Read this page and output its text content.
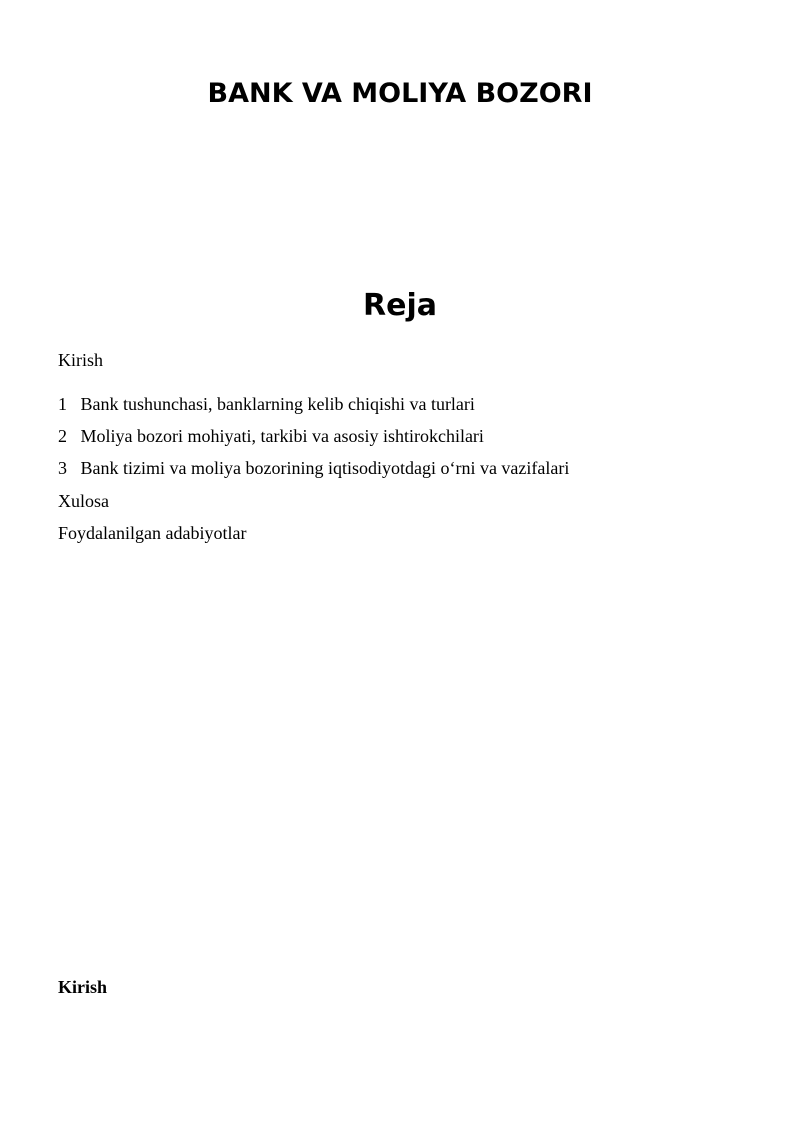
BANK VA MOLIYA BOZORI
Reja

Kirish

1 Bank tushunchasi, banklarning kelib chiqishi va turlari

2 Moliya bozori mohiyati, tarkibi va asosiy ishtirokchilari

3 Bank tizimi va moliya bozorining iqtisodiyotdagi o‘rni va vazifalari

Xulosa

Foydalanilgan adabiyotlar

Kirish
